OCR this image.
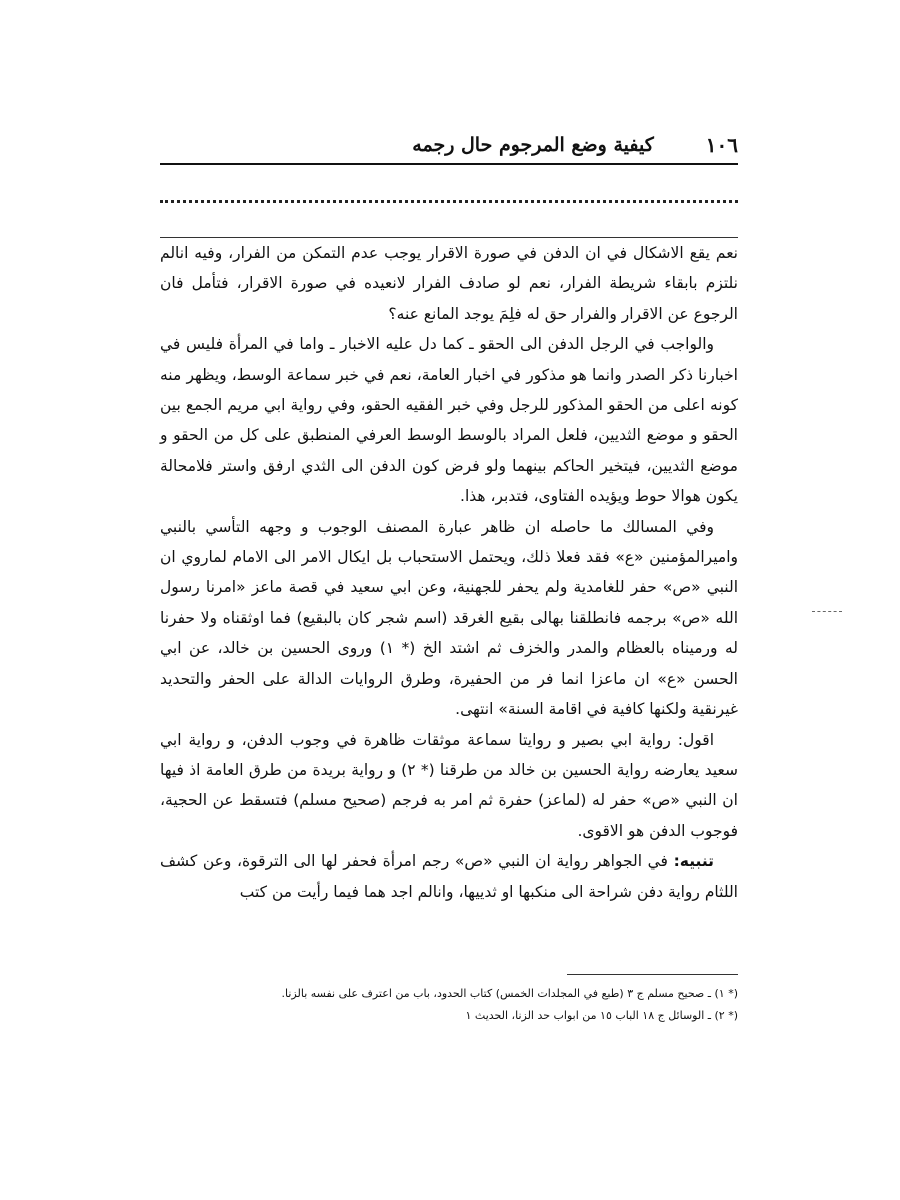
١٠٦
كيفية وضع المرجوم حال رجمه

نعم يقع الاشكال في ان الدفن في صورة الاقرار يوجب عدم التمكن من الفرار، وفيه انالم نلتزم بابقاء شريطة الفرار، نعم لو صادف الفرار لانعيده في صورة الاقرار، فتأمل فان الرجوع عن الاقرار والفرار حق له فلِمَ يوجد المانع عنه؟

والواجب في الرجل الدفن الى الحقو ـ كما دل عليه الاخبار ـ واما في المرأة فليس في اخبارنا ذكر الصدر وانما هو مذكور في اخبار العامة، نعم في خبر سماعة الوسط، ويظهر منه كونه اعلى من الحقو المذكور للرجل وفي خبر الفقيه الحقو، وفي رواية ابي مريم الجمع بين الحقو و موضع الثديين، فلعل المراد بالوسط الوسط العرفي المنطبق على كل من الحقو و موضع الثديين، فيتخير الحاكم بينهما ولو فرض كون الدفن الى الثدي ارفق واستر فلامحالة يكون هوالا حوط ويؤيده الفتاوى، فتدبر، هذا.

وفي المسالك ما حاصله ان ظاهر عبارة المصنف الوجوب و وجهه التأسي بالنبي واميرالمؤمنين «ع» فقد فعلا ذلك، ويحتمل الاستحباب بل ايكال الامر الى الامام لماروي ان النبي «ص» حفر للغامدية ولم يحفر للجهنية، وعن ابي سعيد في قصة ماعز «امرنا رسول الله «ص» برجمه فانطلقنا بهالى بقيع الغرقد (اسم شجر كان بالبقيع) فما اوثقناه ولا حفرنا له ورميناه بالعظام والمدر والخزف ثم اشتد الخ (* ١) وروى الحسين بن خالد، عن ابي الحسن «ع» ان ماعزا انما فر من الحفيرة، وطرق الروايات الدالة على الحفر والتحديد غيرنقية ولكنها كافية في اقامة السنة» انتهى.

اقول: رواية ابي بصير و روايتا سماعة موثقات ظاهرة في وجوب الدفن، و رواية ابي سعيد يعارضه رواية الحسين بن خالد من طرقنا (* ٢) و رواية بريدة من طرق العامة اذ فيها ان النبي «ص» حفر له (لماعز) حفرة ثم امر به فرجم (صحيح مسلم) فتسقط عن الحجية، فوجوب الدفن هو الاقوى.

تنبيه: في الجواهر رواية ان النبي «ص» رجم امرأة فحفر لها الى الترقوة، وعن كشف اللثام رواية دفن شراحة الى منكبها او ثدييها، وانالم اجد هما فيما رأيت من كتب

(* ١) ـ صحيح مسلم ج ٣ (طبع في المجلدات الخمس) كتاب الحدود، باب من اعترف على نفسه بالزنا.
(* ٢) ـ الوسائل ج ١٨ الباب ١٥ من ابواب حد الزنا، الحديث ١
